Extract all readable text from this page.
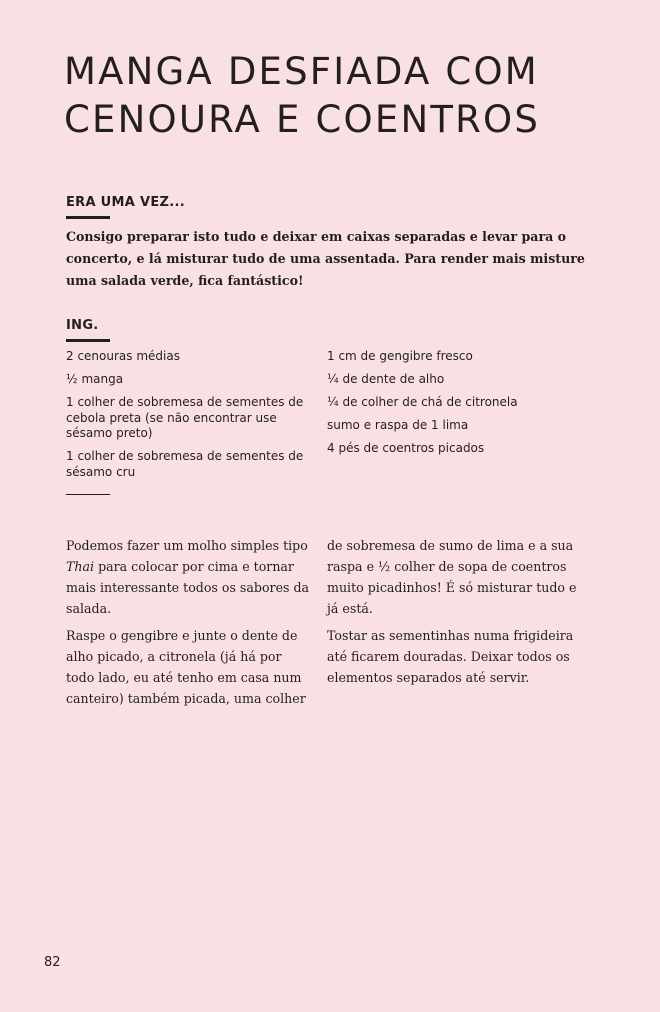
MANGA DESFIADA COM
CENOURA E COENTROS
ERA UMA VEZ...

Consigo preparar isto tudo e deixar em caixas separadas e levar para o concerto, e lá misturar tudo de uma assentada. Para render mais misture uma salada verde, fica fantástico!

ING.
2 cenouras médias
½ manga
1 colher de sobremesa de sementes de cebola preta (se não encontrar use sésamo preto)
1 colher de sobremesa de sementes de sésamo cru
1 cm de gengibre fresco
¼ de dente de alho
¼ de colher de chá de citronela
sumo e raspa de 1 lima
4 pés de coentros picados

Podemos fazer um molho simples tipo Thai para colocar por cima e tornar mais interessante todos os sabores da salada.

Raspe o gengibre e junte o dente de alho picado, a citronela (já há por todo lado, eu até tenho em casa num canteiro) também picada, uma colher

de sobremesa de sumo de lima e a sua raspa e ½ colher de sopa de coentros muito picadinhos! É só misturar tudo e já está.

Tostar as sementinhas numa frigideira até ficarem douradas. Deixar todos os elementos separados até servir.

82
